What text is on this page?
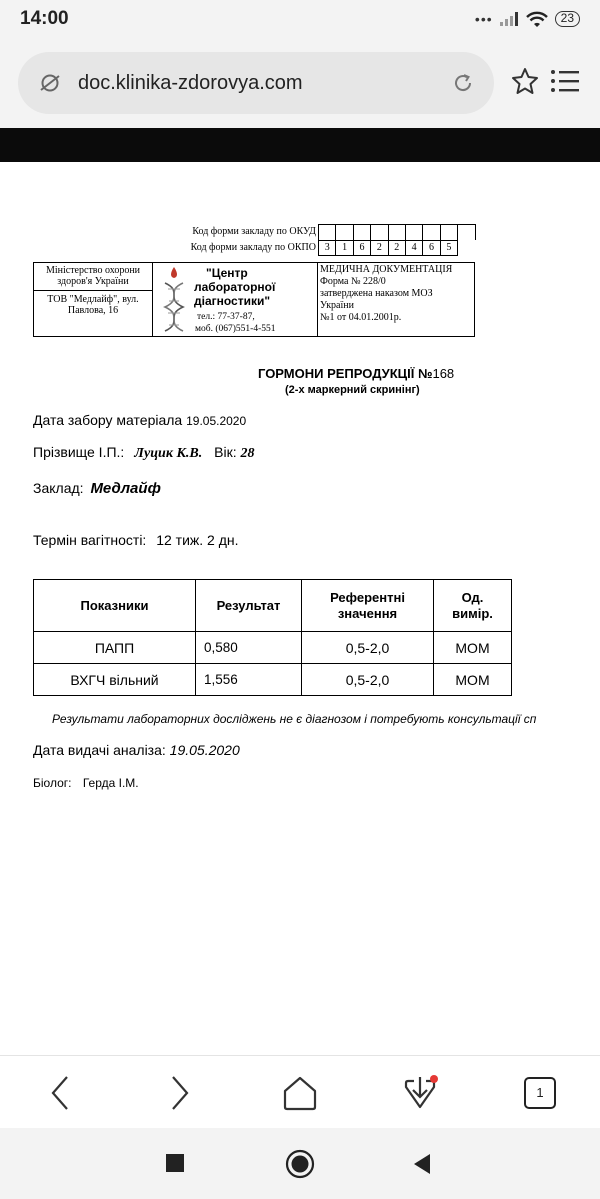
14:00	•••	23
doc.klinika-zdorovya.com
Код форми закладу по ОКУД
Код форми закладу по ОКПО 3	1	6	2	2	4	6	5
Міністерство охорони здоров'я України
ТОВ "Медлайф", вул. Павлова, 16
"Центр
лабораторної
діагностики"
тел.: 77-37-87,
моб. (067)551-4-551
МЕДИЧНА ДОКУМЕНТАЦІЯ
Форма № 228/0
затверджена наказом МОЗ
України
№1 от 04.01.2001р.
ГОРМОНИ РЕПРОДУКЦІЇ №168
(2-х маркерний скринінг)
Дата забору матеріала 19.05.2020
Прізвище І.П.: Луцик К.В. Вік: 28
Заклад: Медлайф
Термін вагітності: 12 тиж. 2 дн.
Показники	Результат	Референтні значення	Од. вимір.
ПАПП	0,580	0,5-2,0	МОМ
ВХГЧ вільний	1,556	0,5-2,0	МОМ
Результати лабораторних досліджень не є діагнозом і потребують консультації сп
Дата видачі аналіза: 19.05.2020
Біолог: Герда І.М.
1
